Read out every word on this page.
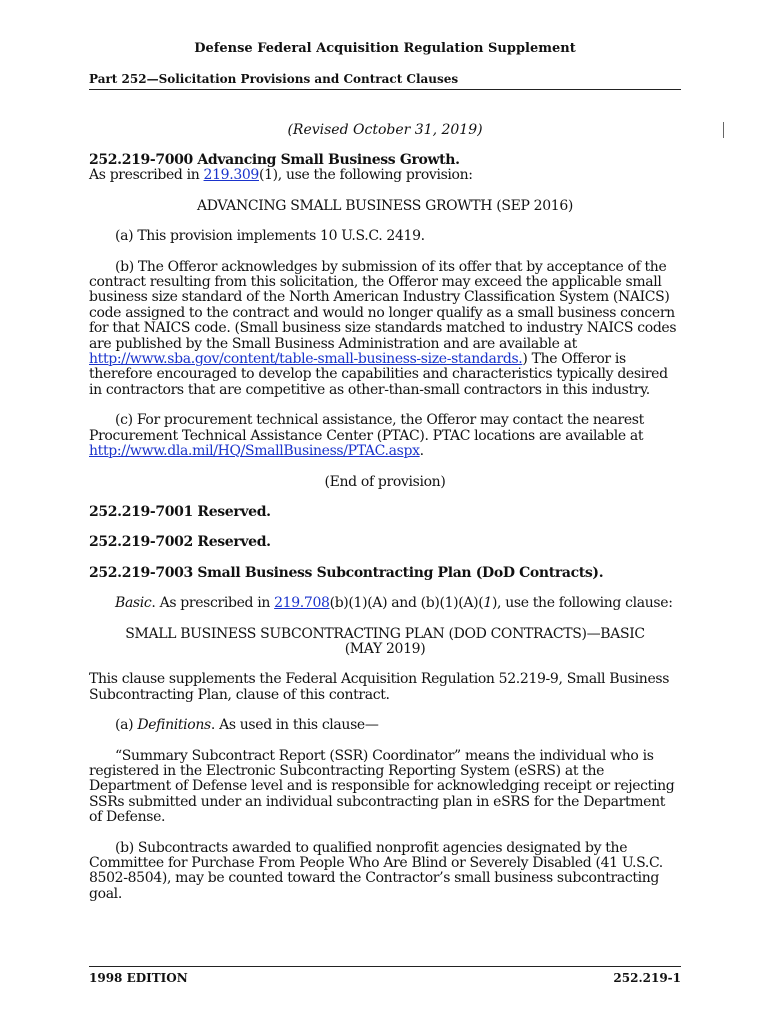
Defense Federal Acquisition Regulation Supplement
Part 252—Solicitation Provisions and Contract Clauses
(Revised October 31, 2019)

252.219-7000 Advancing Small Business Growth.

As prescribed in 219.309(1), use the following provision:

ADVANCING SMALL BUSINESS GROWTH (SEP 2016)

(a) This provision implements 10 U.S.C. 2419.

(b) The Offeror acknowledges by submission of its offer that by acceptance of the contract resulting from this solicitation, the Offeror may exceed the applicable small business size standard of the North American Industry Classification System (NAICS) code assigned to the contract and would no longer qualify as a small business concern for that NAICS code. (Small business size standards matched to industry NAICS codes are published by the Small Business Administration and are available at http://www.sba.gov/content/table-small-business-size-standards.) The Offeror is therefore encouraged to develop the capabilities and characteristics typically desired in contractors that are competitive as other-than-small contractors in this industry.

(c) For procurement technical assistance, the Offeror may contact the nearest Procurement Technical Assistance Center (PTAC). PTAC locations are available at http://www.dla.mil/HQ/SmallBusiness/PTAC.aspx.

(End of provision)

252.219-7001 Reserved.

252.219-7002 Reserved.

252.219-7003 Small Business Subcontracting Plan (DoD Contracts).

Basic. As prescribed in 219.708(b)(1)(A) and (b)(1)(A)(1), use the following clause:

SMALL BUSINESS SUBCONTRACTING PLAN (DOD CONTRACTS)—BASIC
(MAY 2019)

This clause supplements the Federal Acquisition Regulation 52.219-9, Small Business Subcontracting Plan, clause of this contract.

(a) Definitions. As used in this clause—

“Summary Subcontract Report (SSR) Coordinator” means the individual who is registered in the Electronic Subcontracting Reporting System (eSRS) at the Department of Defense level and is responsible for acknowledging receipt or rejecting SSRs submitted under an individual subcontracting plan in eSRS for the Department of Defense.

(b) Subcontracts awarded to qualified nonprofit agencies designated by the Committee for Purchase From People Who Are Blind or Severely Disabled (41 U.S.C. 8502-8504), may be counted toward the Contractor’s small business subcontracting goal.

1998 EDITION	252.219-1
